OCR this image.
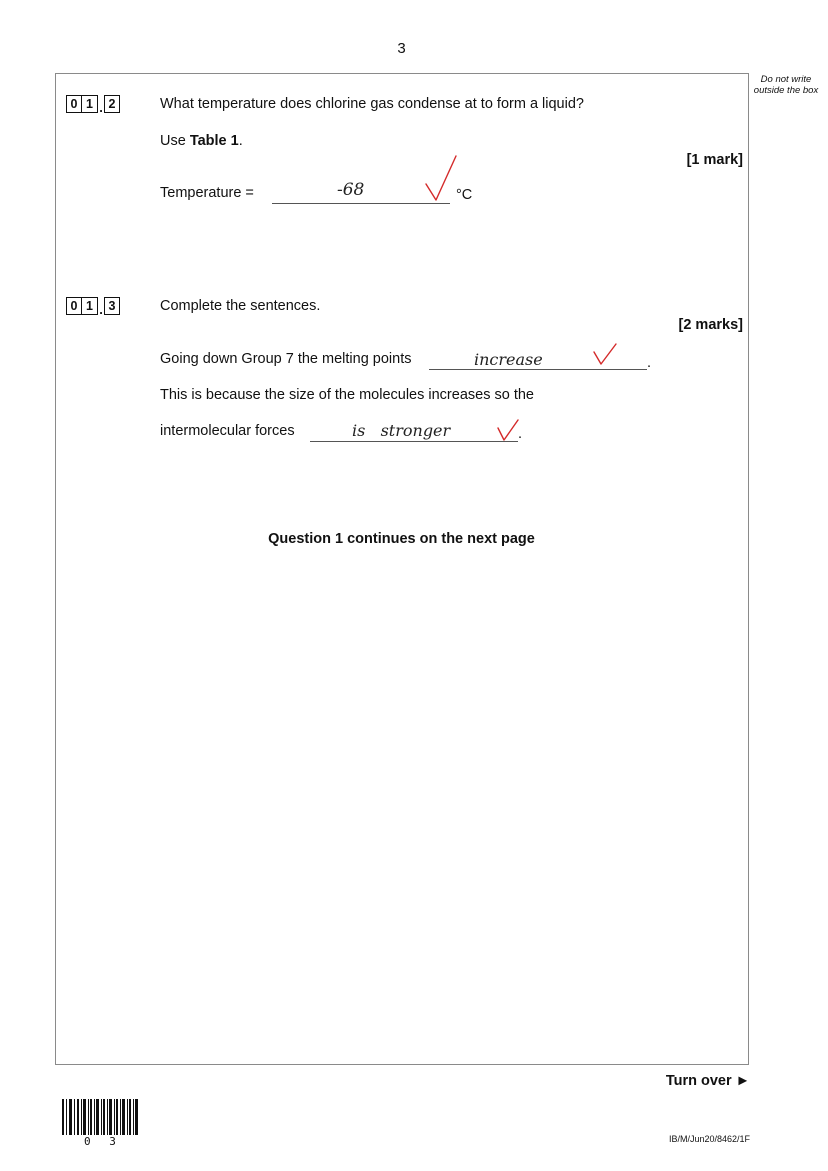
3
Do not write outside the box
0 1 . 2	What temperature does chlorine gas condense at to form a liquid?
Use Table 1.
[1 mark]
Temperature =	-68	°C
0 1 . 3	Complete the sentences.
[2 marks]
Going down Group 7 the melting points	increase	.
This is because the size of the molecules increases so the
intermolecular forces	is   stronger	.
Question 1 continues on the next page
Turn over ►
0 3	IB/M/Jun20/8462/1F
